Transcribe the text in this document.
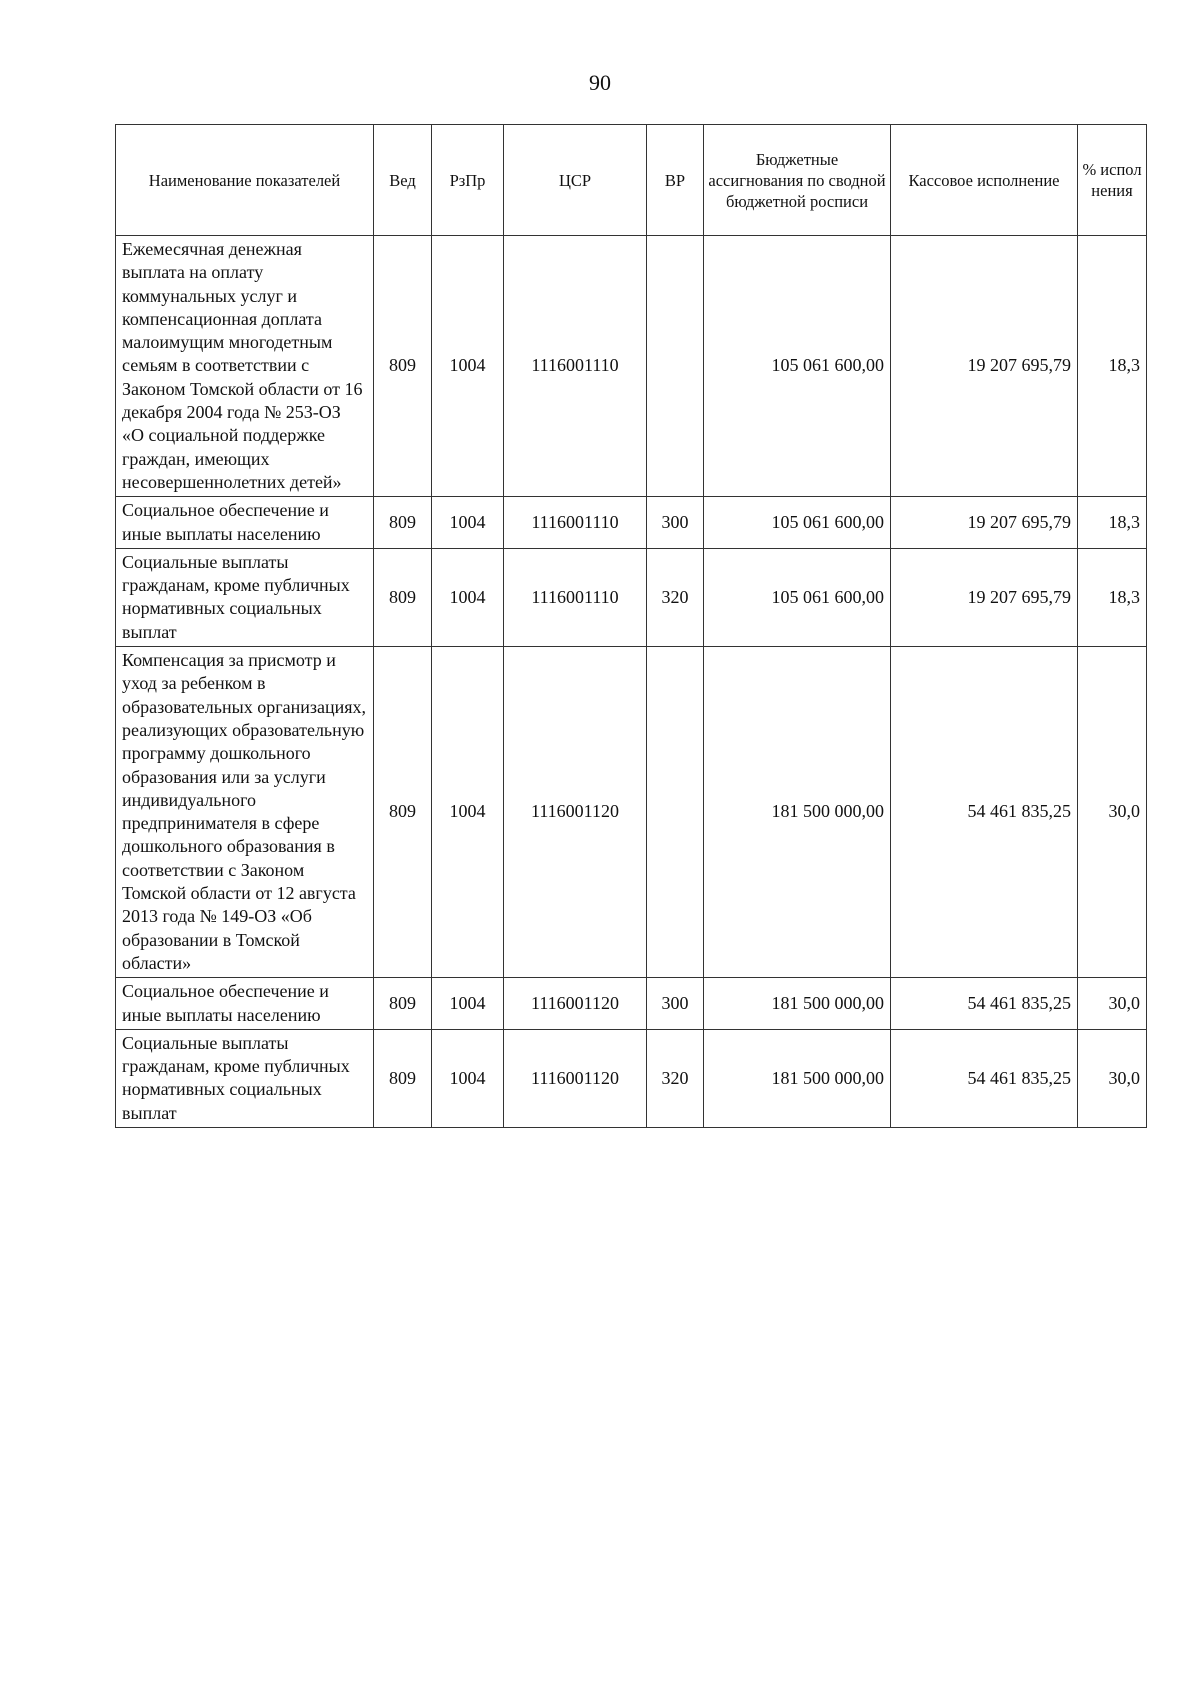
90
Наименование показателей	Вед	РзПр	ЦСР	ВР	Бюджетные ассигнования по сводной бюджетной росписи	Кассовое исполнение	% испол нения
Ежемесячная денежная выплата на оплату коммунальных услуг и компенсационная доплата малоимущим многодетным семьям в соответствии с Законом Томской области от 16 декабря 2004 года № 253-ОЗ «О социальной поддержке граждан, имеющих несовершеннолетних детей»	809	1004	1116001110		105 061 600,00	19 207 695,79	18,3
Социальное обеспечение и иные выплаты населению	809	1004	1116001110	300	105 061 600,00	19 207 695,79	18,3
Социальные выплаты гражданам, кроме публичных нормативных социальных выплат	809	1004	1116001110	320	105 061 600,00	19 207 695,79	18,3
Компенсация за присмотр и уход за ребенком в образовательных организациях, реализующих образовательную программу дошкольного образования или за услуги индивидуального предпринимателя в сфере дошкольного образования в соответствии с Законом Томской области от 12 августа 2013 года № 149-ОЗ «Об образовании в Томской области»	809	1004	1116001120		181 500 000,00	54 461 835,25	30,0
Социальное обеспечение и иные выплаты населению	809	1004	1116001120	300	181 500 000,00	54 461 835,25	30,0
Социальные выплаты гражданам, кроме публичных нормативных социальных выплат	809	1004	1116001120	320	181 500 000,00	54 461 835,25	30,0
